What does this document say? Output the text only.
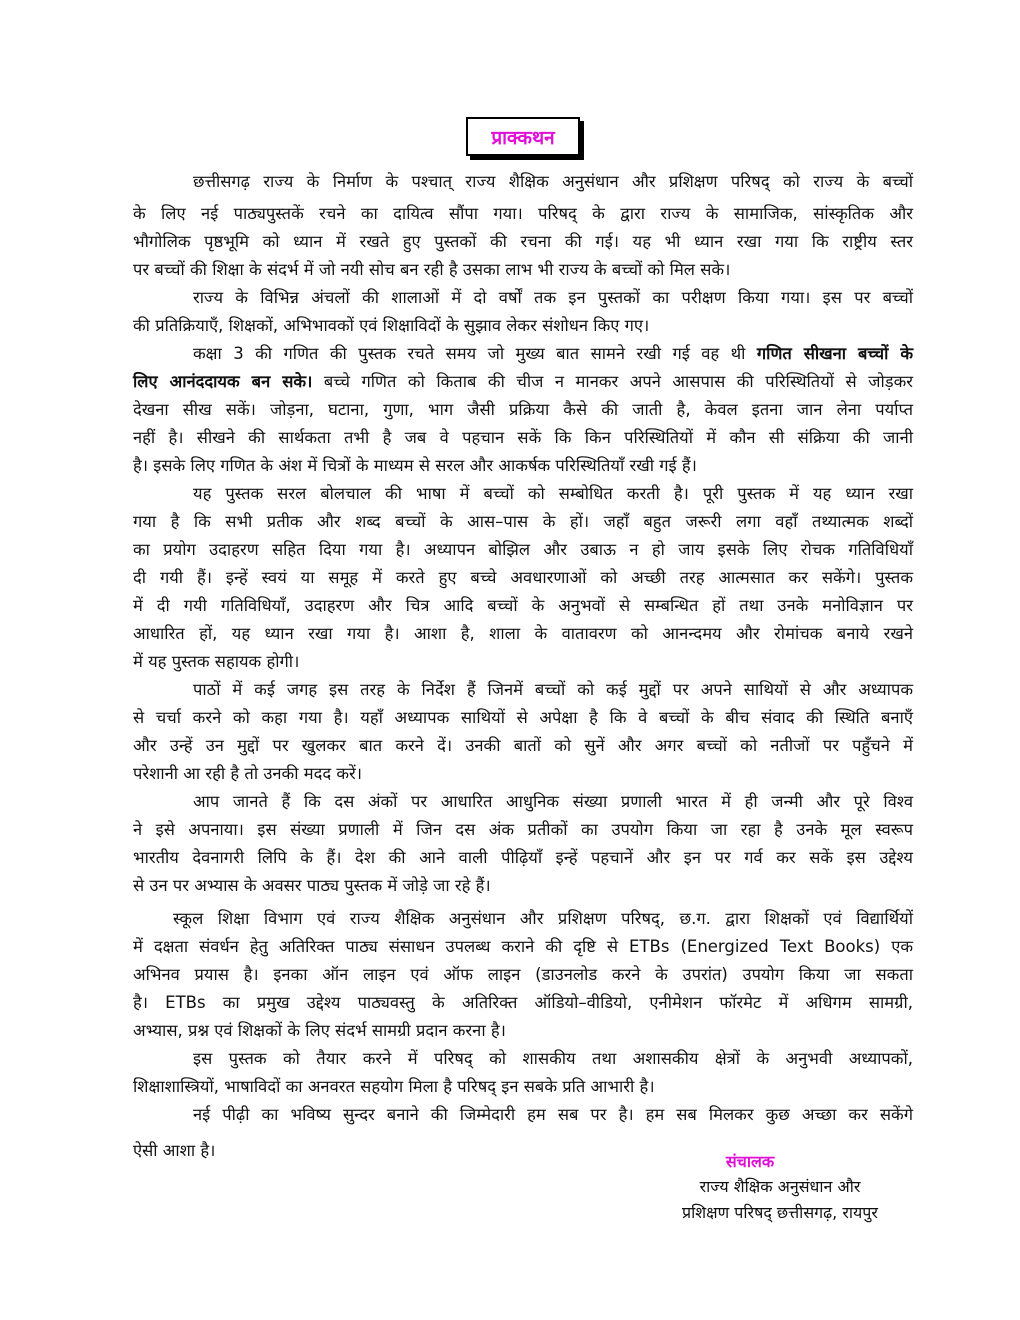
प्राक्कथन
छत्तीसगढ़ राज्य के निर्माण के पश्चात् राज्य शैक्षिक अनुसंधान और प्रशिक्षण परिषद् को राज्य के बच्चों
के लिए नई पाठ्यपुस्तकें रचने का दायित्व सौंपा गया। परिषद् के द्वारा राज्य के सामाजिक, सांस्कृतिक और
भौगोलिक पृष्ठभूमि को ध्यान में रखते हुए पुस्तकों की रचना की गई। यह भी ध्यान रखा गया कि राष्ट्रीय स्तर
पर बच्चों की शिक्षा के संदर्भ में जो नयी सोच बन रही है उसका लाभ भी राज्य के बच्चों को मिल सके।
राज्य के विभिन्न अंचलों की शालाओं में दो वर्षों तक इन पुस्तकों का परीक्षण किया गया। इस पर बच्चों
की प्रतिक्रियाएँ, शिक्षकों, अभिभावकों एवं शिक्षाविदों के सुझाव लेकर संशोधन किए गए।
कक्षा 3 की गणित की पुस्तक रचते समय जो मुख्य बात सामने रखी गई वह थी गणित सीखना बच्चों के
लिए आनंददायक बन सके। बच्चे गणित को किताब की चीज न मानकर अपने आसपास की परिस्थितियों से जोड़कर
देखना सीख सकें। जोड़ना, घटाना, गुणा, भाग जैसी प्रक्रिया कैसे की जाती है, केवल इतना जान लेना पर्याप्त
नहीं है। सीखने की सार्थकता तभी है जब वे पहचान सकें कि किन परिस्थितियों में कौन सी संक्रिया की जानी
है। इसके लिए गणित के अंश में चित्रों के माध्यम से सरल और आकर्षक परिस्थितियाँ रखी गई हैं।
यह पुस्तक सरल बोलचाल की भाषा में बच्चों को सम्बोधित करती है। पूरी पुस्तक में यह ध्यान रखा
गया है कि सभी प्रतीक और शब्द बच्चों के आस–पास के हों। जहाँ बहुत जरूरी लगा वहाँ तथ्यात्मक शब्दों
का प्रयोग उदाहरण सहित दिया गया है। अध्यापन बोझिल और उबाऊ न हो जाय इसके लिए रोचक गतिविधियाँ
दी गयी हैं। इन्हें स्वयं या समूह में करते हुए बच्चे अवधारणाओं को अच्छी तरह आत्मसात कर सकेंगे। पुस्तक
में दी गयी गतिविधियाँ, उदाहरण और चित्र आदि बच्चों के अनुभवों से सम्बन्धित हों तथा उनके मनोविज्ञान पर
आधारित हों, यह ध्यान रखा गया है। आशा है, शाला के वातावरण को आनन्दमय और रोमांचक बनाये रखने
में यह पुस्तक सहायक होगी।
पाठों में कई जगह इस तरह के निर्देश हैं जिनमें बच्चों को कई मुद्दों पर अपने साथियों से और अध्यापक
से चर्चा करने को कहा गया है। यहाँ अध्यापक साथियों से अपेक्षा है कि वे बच्चों के बीच संवाद की स्थिति बनाएँ
और उन्हें उन मुद्दों पर खुलकर बात करने दें। उनकी बातों को सुनें और अगर बच्चों को नतीजों पर पहुँचने में
परेशानी आ रही है तो उनकी मदद करें।
आप जानते हैं कि दस अंकों पर आधारित आधुनिक संख्या प्रणाली भारत में ही जन्मी और पूरे विश्व
ने इसे अपनाया। इस संख्या प्रणाली में जिन दस अंक प्रतीकों का उपयोग किया जा रहा है उनके मूल स्वरूप
भारतीय देवनागरी लिपि के हैं। देश की आने वाली पीढ़ियाँ इन्हें पहचानें और इन पर गर्व कर सकें इस उद्देश्य
से उन पर अभ्यास के अवसर पाठ्य पुस्तक में जोड़े जा रहे हैं।
स्कूल शिक्षा विभाग एवं राज्य शैक्षिक अनुसंधान और प्रशिक्षण परिषद्, छ.ग. द्वारा शिक्षकों एवं विद्यार्थियों
में दक्षता संवर्धन हेतु अतिरिक्त पाठ्य संसाधन उपलब्ध कराने की दृष्टि से ETBs (Energized Text Books) एक
अभिनव प्रयास है। इनका ऑन लाइन एवं ऑफ लाइन (डाउनलोड करने के उपरांत) उपयोग किया जा सकता
है। ETBs का प्रमुख उद्देश्य पाठ्यवस्तु के अतिरिक्त ऑडियो–वीडियो, एनीमेशन फॉरमेट में अधिगम सामग्री,
अभ्यास, प्रश्न एवं शिक्षकों के लिए संदर्भ सामग्री प्रदान करना है।
इस पुस्तक को तैयार करने में परिषद् को शासकीय तथा अशासकीय क्षेत्रों के अनुभवी अध्यापकों,
शिक्षाशास्त्रियों, भाषाविदों का अनवरत सहयोग मिला है परिषद् इन सबके प्रति आभारी है।
नई पीढ़ी का भविष्य सुन्दर बनाने की जिम्मेदारी हम सब पर है। हम सब मिलकर कुछ अच्छा कर सकेंगे
ऐसी आशा है।
संचालक
राज्य शैक्षिक अनुसंधान और
प्रशिक्षण परिषद् छत्तीसगढ़, रायपुर
